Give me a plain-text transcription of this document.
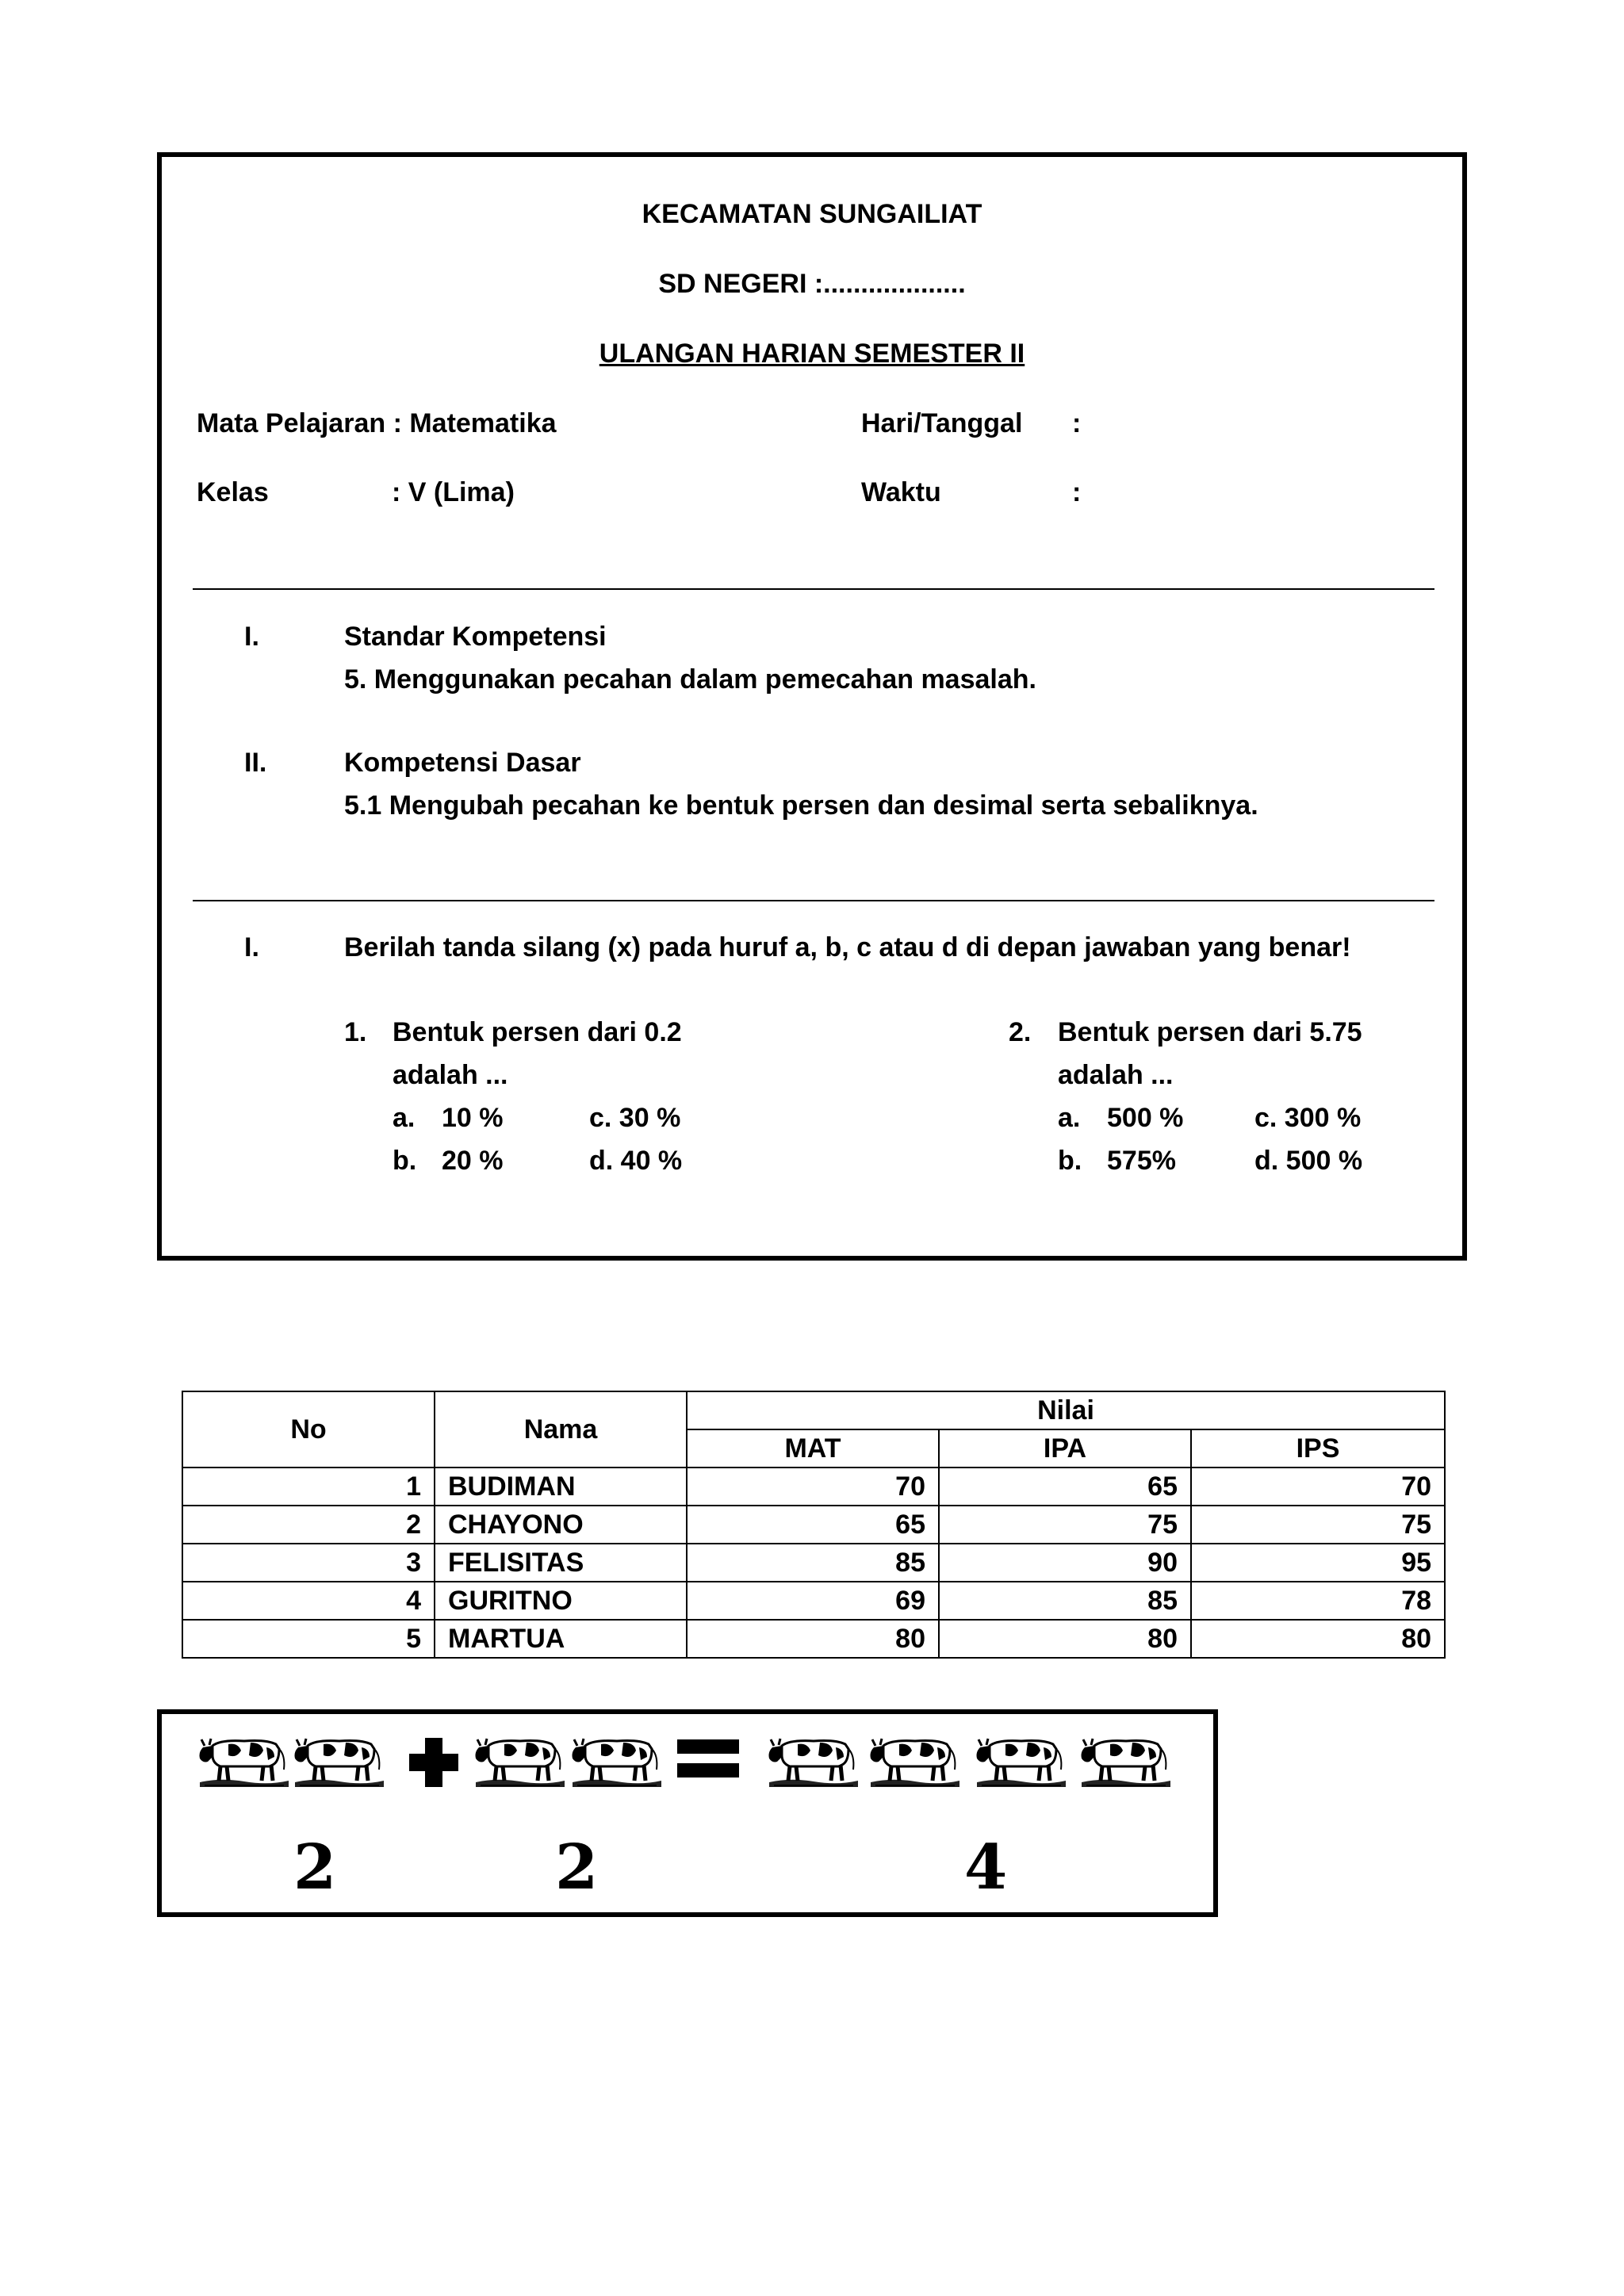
KECAMATAN SUNGAILIAT
SD NEGERI :...................
ULANGAN HARIAN SEMESTER II
Mata Pelajaran : Matematika
Kelas	: V (Lima)
Hari/Tanggal :
Waktu	:
I.	Standar Kompetensi
5. Menggunakan pecahan dalam pemecahan masalah.
II.	Kompetensi Dasar
5.1 Mengubah pecahan ke bentuk persen dan desimal serta sebaliknya.
I.	Berilah tanda silang (x) pada huruf a, b, c atau d di depan jawaban yang benar!
1. Bentuk persen dari 0.2
adalah ...
a. 10 %	c. 30 %
b. 20 %	d. 40 %
2. Bentuk persen dari 5.75
adalah ...
a. 500 %	c. 300 %
b. 575%	d. 500 %
No	Nama	Nilai		
		MAT	IPA	IPS
1	BUDIMAN	70	65	70
2	CHAYONO	65	75	75
3	FELISITAS	85	90	95
4	GURITNO	69	85	78
5	MARTUA	80	80	80
2	2	4
